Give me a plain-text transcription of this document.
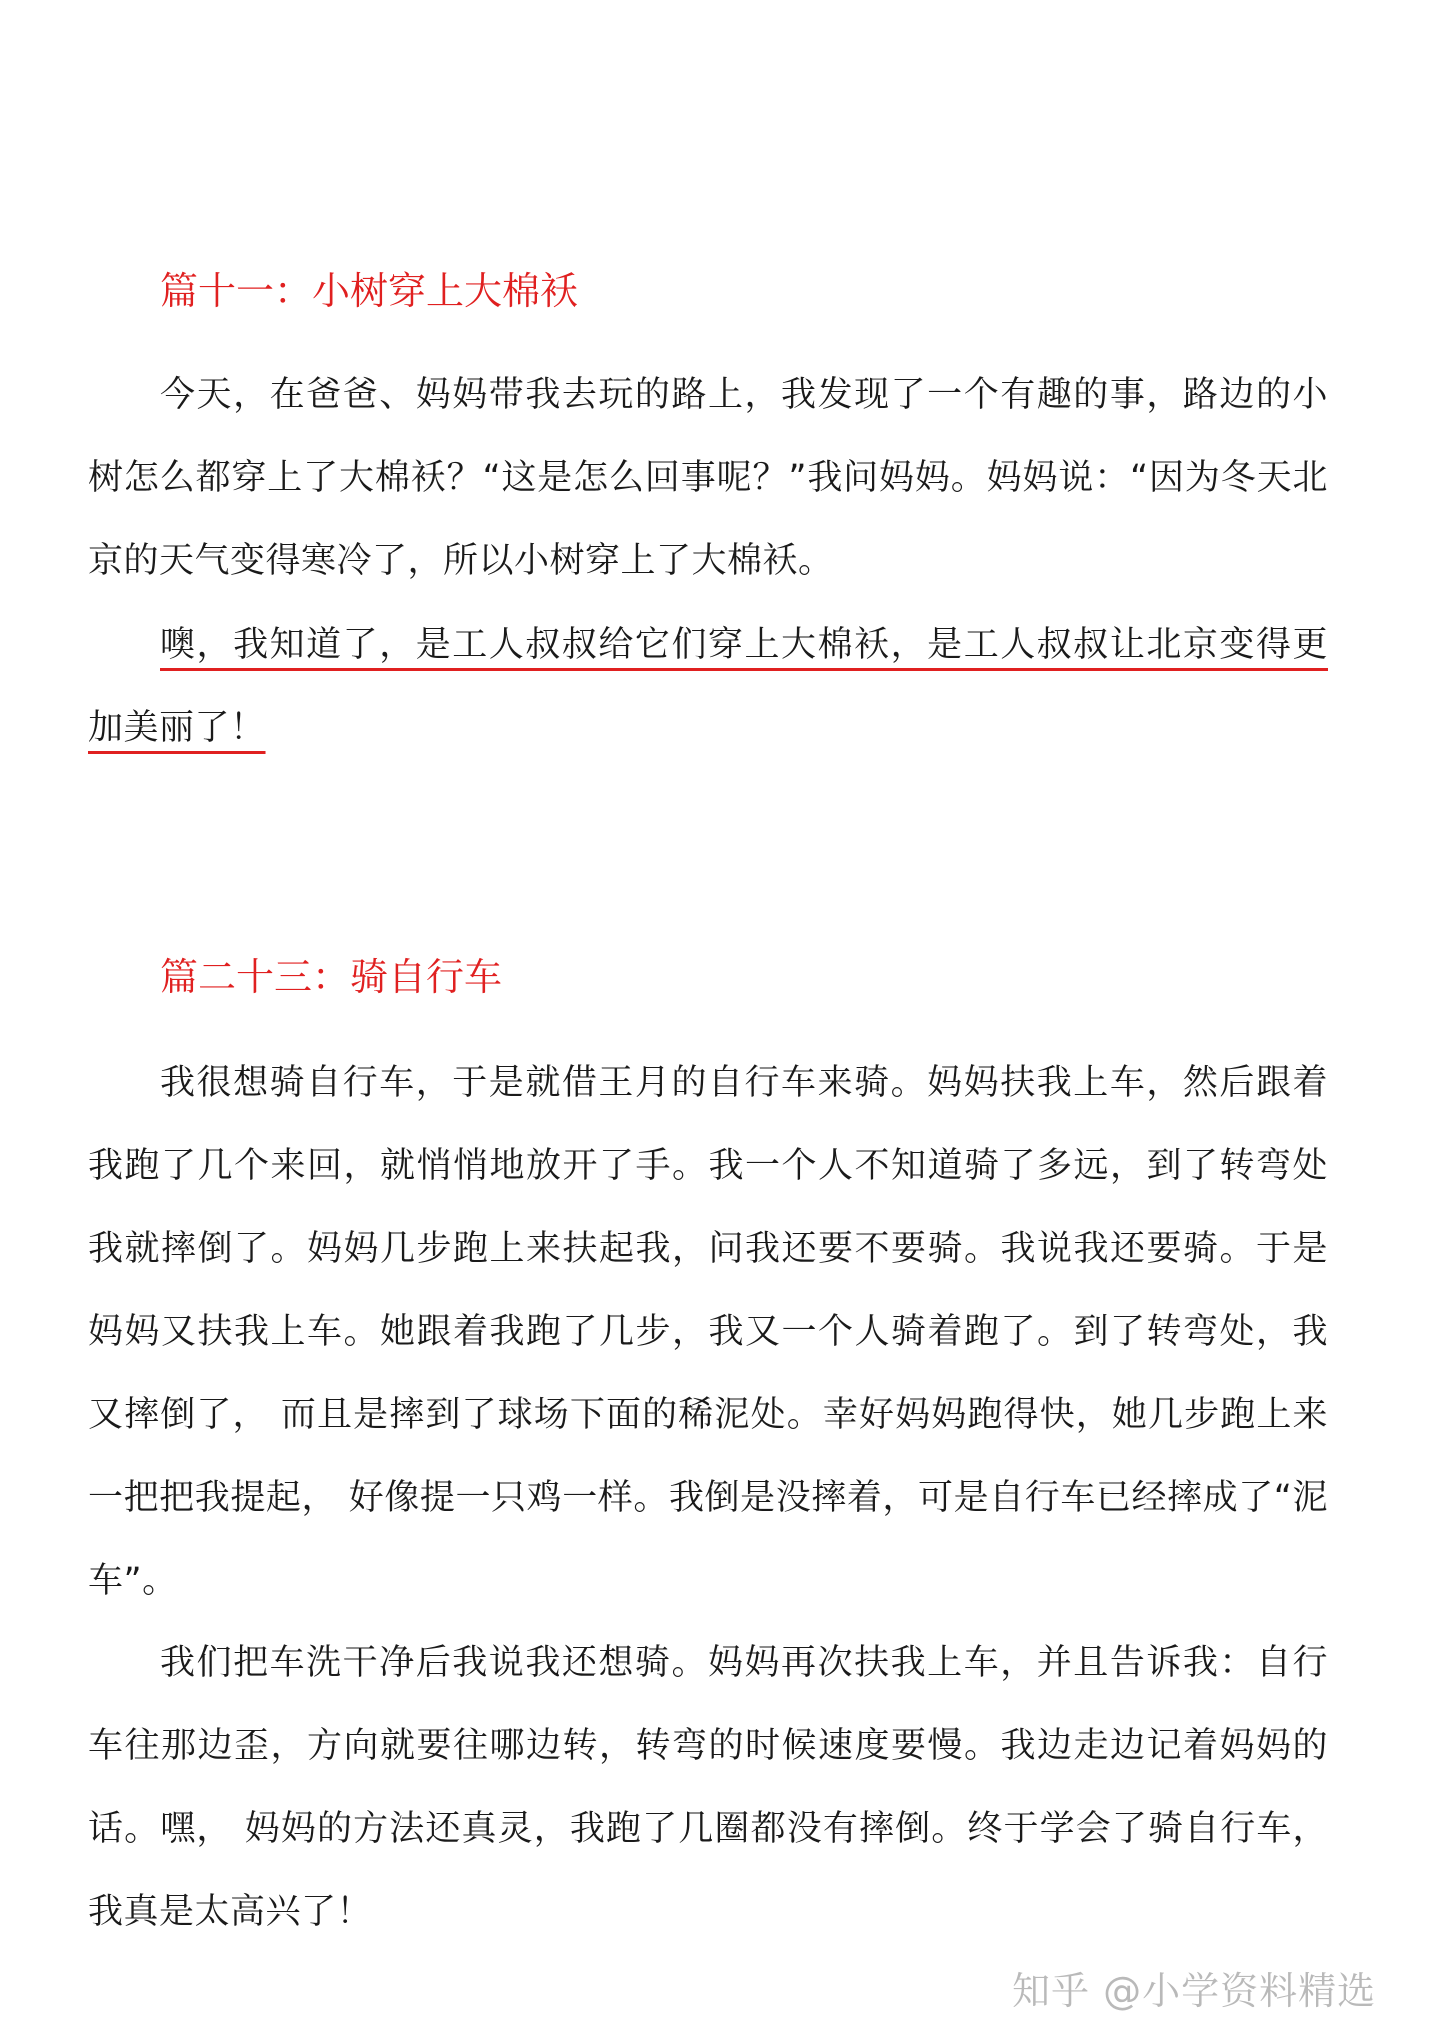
篇十一：小树穿上大棉袄

今天，在爸爸、妈妈带我去玩的路上，我发现了一个有趣的事，路边的小树怎么都穿上了大棉袄？“这是怎么回事呢？”我问妈妈。妈妈说：“因为冬天北京的天气变得寒冷了，所以小树穿上了大棉袄。

噢，我知道了，是工人叔叔给它们穿上大棉袄，是工人叔叔让北京变得更加美丽了！

篇二十三：骑自行车

我很想骑自行车，于是就借王月的自行车来骑。妈妈扶我上车，然后跟着我跑了几个来回，就悄悄地放开了手。我一个人不知道骑了多远，到了转弯处我就摔倒了。妈妈几步跑上来扶起我，问我还要不要骑。我说我还要骑。于是妈妈又扶我上车。她跟着我跑了几步，我又一个人骑着跑了。到了转弯处，我又摔倒了， 而且是摔到了球场下面的稀泥处。幸好妈妈跑得快，她几步跑上来一把把我提起， 好像提一只鸡一样。我倒是没摔着，可是自行车已经摔成了“泥车”。

我们把车洗干净后我说我还想骑。妈妈再次扶我上车，并且告诉我：自行车往那边歪，方向就要往哪边转，转弯的时候速度要慢。我边走边记着妈妈的话。嘿， 妈妈的方法还真灵，我跑了几圈都没有摔倒。终于学会了骑自行车，我真是太高兴了！

知乎 @小学资料精选
